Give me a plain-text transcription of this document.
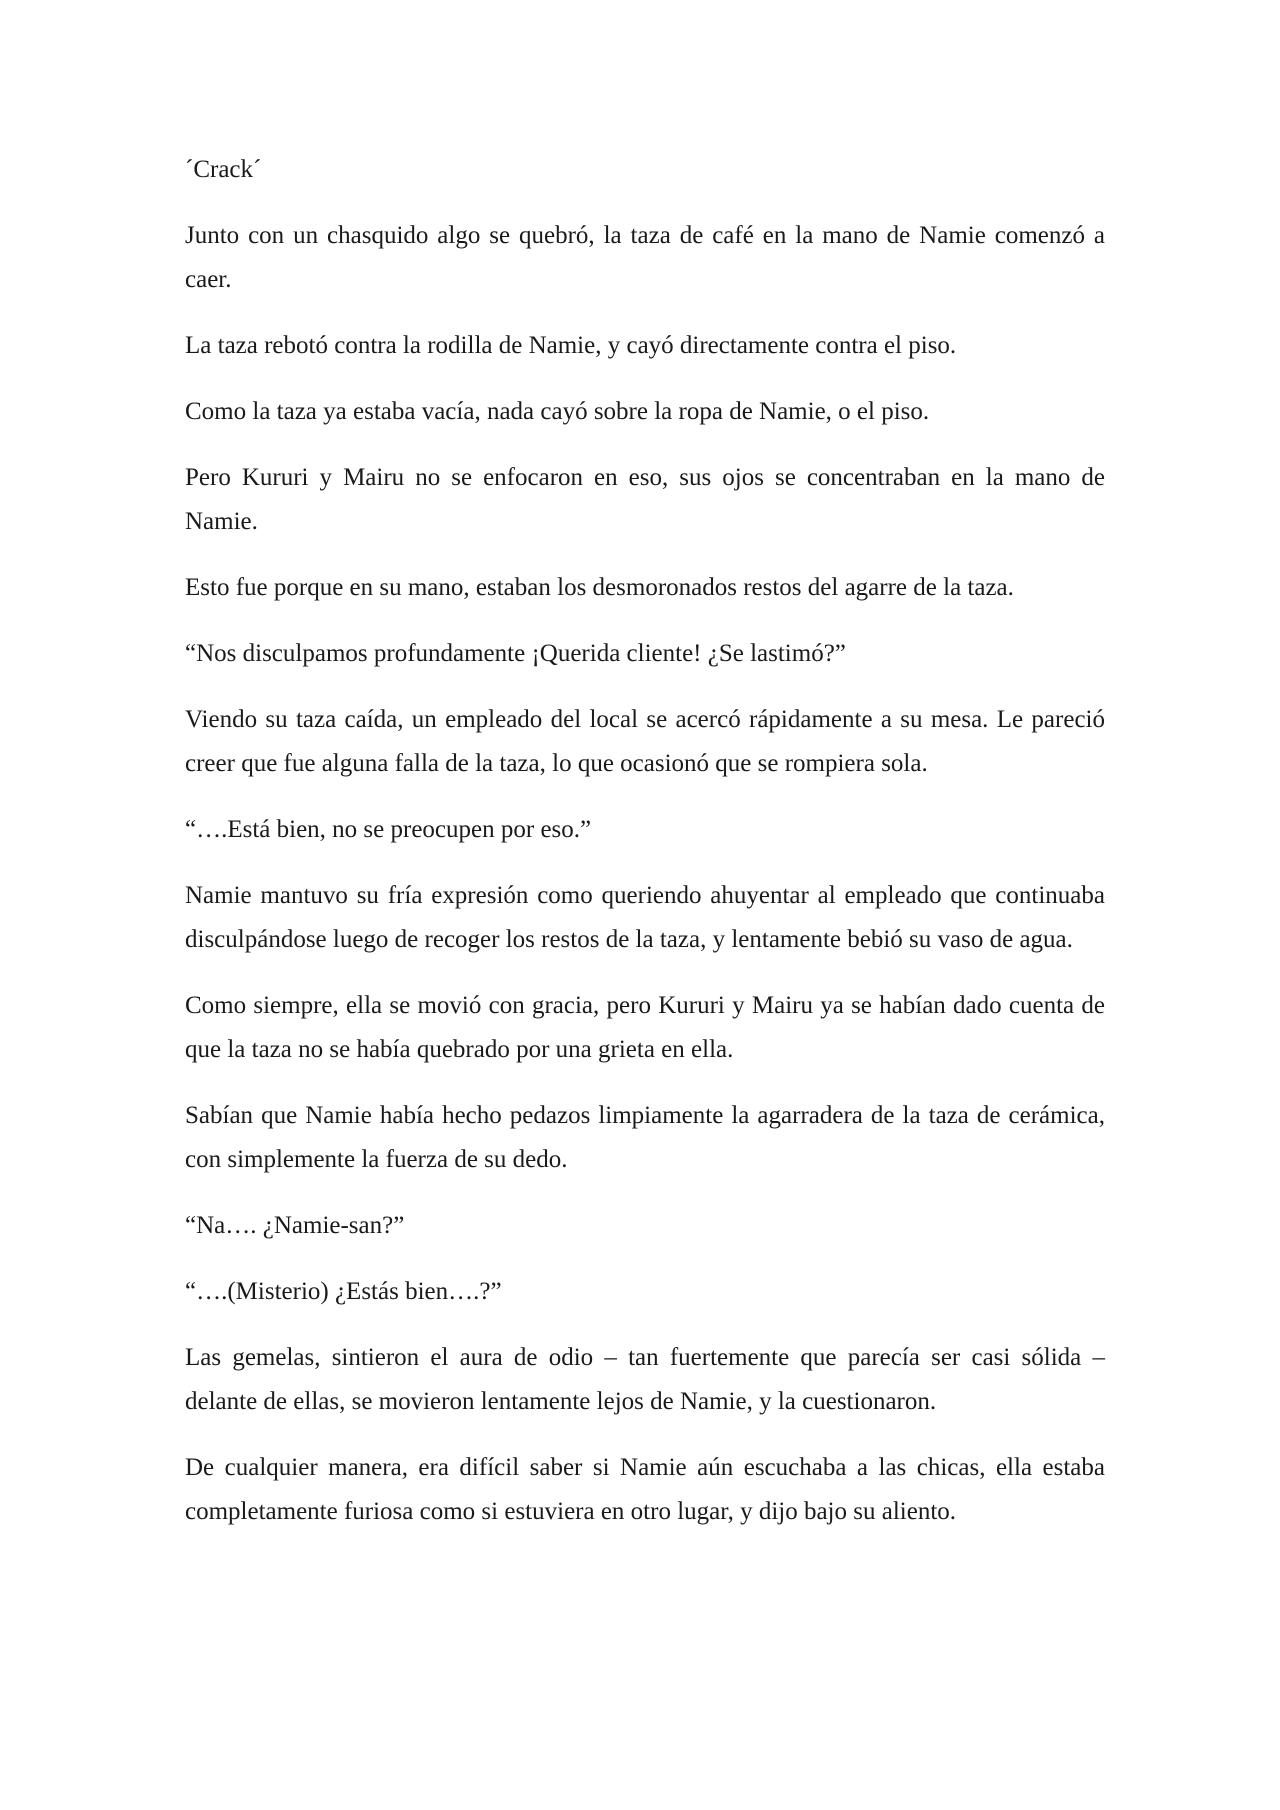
´Crack´

Junto con un chasquido algo se quebró, la taza de café en la mano de Namie comenzó a caer.

La taza rebotó contra la rodilla de Namie, y cayó directamente contra el piso.

Como la taza ya estaba vacía, nada cayó sobre la ropa de Namie, o el piso.

Pero Kururi y Mairu no se enfocaron en eso, sus ojos se concentraban en la mano de Namie.

Esto fue porque en su mano, estaban los desmoronados restos del agarre de la taza.

“Nos disculpamos profundamente ¡Querida cliente! ¿Se lastimó?”

Viendo su taza caída, un empleado del local se acercó rápidamente a su mesa. Le pareció creer que fue alguna falla de la taza, lo que ocasionó que se rompiera sola.

“….Está bien, no se preocupen por eso.”

Namie mantuvo su fría expresión como queriendo ahuyentar al empleado que continuaba disculpándose luego de recoger los restos de la taza, y lentamente bebió su vaso de agua.

Como siempre, ella se movió con gracia, pero Kururi y Mairu ya se habían dado cuenta de que la taza no se había quebrado por una grieta en ella.

Sabían que Namie había hecho pedazos limpiamente la agarradera de la taza de cerámica, con simplemente la fuerza de su dedo.

“Na…. ¿Namie-san?”

“….(Misterio) ¿Estás bien….?”

Las gemelas, sintieron el aura de odio – tan fuertemente que parecía ser casi sólida – delante de ellas, se movieron lentamente lejos de Namie, y la cuestionaron.

De cualquier manera, era difícil saber si Namie aún escuchaba a las chicas, ella estaba completamente furiosa como si estuviera en otro lugar, y dijo bajo su aliento.
